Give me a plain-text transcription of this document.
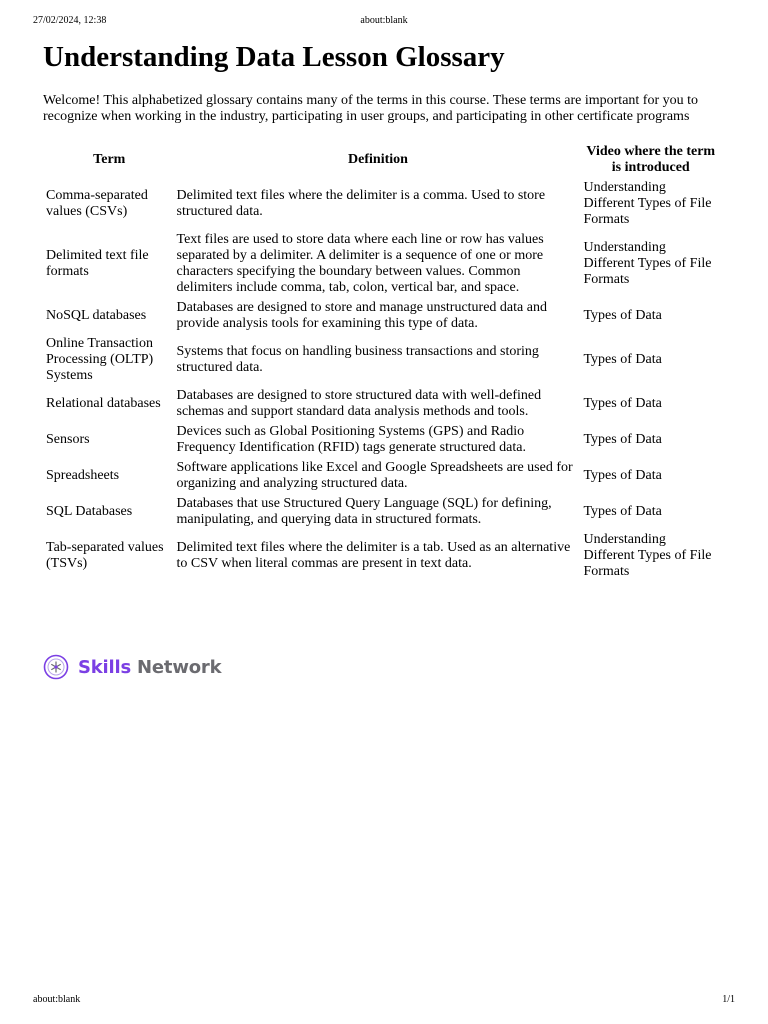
27/02/2024, 12:38	about:blank
Understanding Data Lesson Glossary

Welcome! This alphabetized glossary contains many of the terms in this course. These terms are important for you to recognize when working in the industry, participating in user groups, and participating in other certificate programs

Term	Definition	Video where the term is introduced
Comma-separated values (CSVs)	Delimited text files where the delimiter is a comma. Used to store structured data.	Understanding Different Types of File Formats
Delimited text file formats	Text files are used to store data where each line or row has values separated by a delimiter. A delimiter is a sequence of one or more characters specifying the boundary between values. Common delimiters include comma, tab, colon, vertical bar, and space.	Understanding Different Types of File Formats
NoSQL databases	Databases are designed to store and manage unstructured data and provide analysis tools for examining this type of data.	Types of Data
Online Transaction Processing (OLTP) Systems	Systems that focus on handling business transactions and storing structured data.	Types of Data
Relational databases	Databases are designed to store structured data with well-defined schemas and support standard data analysis methods and tools.	Types of Data
Sensors	Devices such as Global Positioning Systems (GPS) and Radio Frequency Identification (RFID) tags generate structured data.	Types of Data
Spreadsheets	Software applications like Excel and Google Spreadsheets are used for organizing and analyzing structured data.	Types of Data
SQL Databases	Databases that use Structured Query Language (SQL) for defining, manipulating, and querying data in structured formats.	Types of Data
Tab-separated values (TSVs)	Delimited text files where the delimiter is a tab. Used as an alternative to CSV when literal commas are present in text data.	Understanding Different Types of File Formats
Skills Network
about:blank	1/1
